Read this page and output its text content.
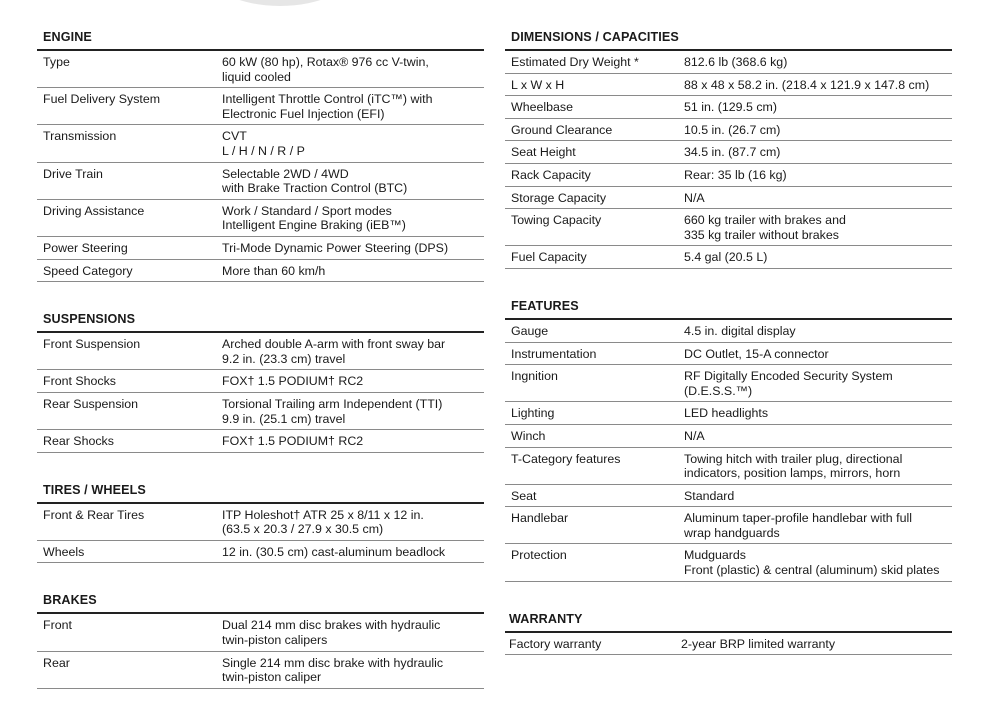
ENGINE
Type	60 kW (80 hp), Rotax® 976 cc V-twin,
liquid cooled
Fuel Delivery System	Intelligent Throttle Control (iTC™) with
Electronic Fuel Injection (EFI)
Transmission	CVT
L / H / N / R / P
Drive Train	Selectable 2WD / 4WD
with Brake Traction Control (BTC)
Driving Assistance	Work / Standard / Sport modes
Intelligent Engine Braking (iEB™)
Power Steering	Tri-Mode Dynamic Power Steering (DPS)
Speed Category	More than 60 km/h
SUSPENSIONS
Front Suspension	Arched double A-arm with front sway bar
9.2 in. (23.3 cm) travel
Front Shocks	FOX† 1.5 PODIUM† RC2
Rear Suspension	Torsional Trailing arm Independent (TTI)
9.9 in. (25.1 cm) travel
Rear Shocks	FOX† 1.5 PODIUM† RC2
TIRES / WHEELS
Front & Rear Tires	ITP Holeshot† ATR 25 x 8/11 x 12 in.
(63.5 x 20.3 / 27.9 x 30.5 cm)
Wheels	12 in. (30.5 cm) cast-aluminum beadlock
BRAKES
Front	Dual 214 mm disc brakes with hydraulic
twin-piston calipers
Rear	Single 214 mm disc brake with hydraulic
twin-piston caliper
DIMENSIONS / CAPACITIES
Estimated Dry Weight *	812.6 lb (368.6 kg)
L x W x H	88 x 48 x 58.2 in. (218.4 x 121.9 x 147.8 cm)
Wheelbase	51 in. (129.5 cm)
Ground Clearance	10.5 in. (26.7 cm)
Seat Height	34.5 in. (87.7 cm)
Rack Capacity	Rear: 35 lb (16 kg)
Storage Capacity	N/A
Towing Capacity	660 kg trailer with brakes and
335 kg trailer without brakes
Fuel Capacity	5.4 gal (20.5 L)
FEATURES
Gauge	4.5 in. digital display
Instrumentation	DC Outlet, 15-A connector
Ingnition	RF Digitally Encoded Security System
(D.E.S.S.™)
Lighting	LED headlights
Winch	N/A
T-Category features	Towing hitch with trailer plug, directional
indicators, position lamps, mirrors, horn
Seat	Standard
Handlebar	Aluminum taper-profile handlebar with full
wrap handguards
Protection	Mudguards
Front (plastic) & central (aluminum) skid plates
WARRANTY
Factory warranty	2-year BRP limited warranty
